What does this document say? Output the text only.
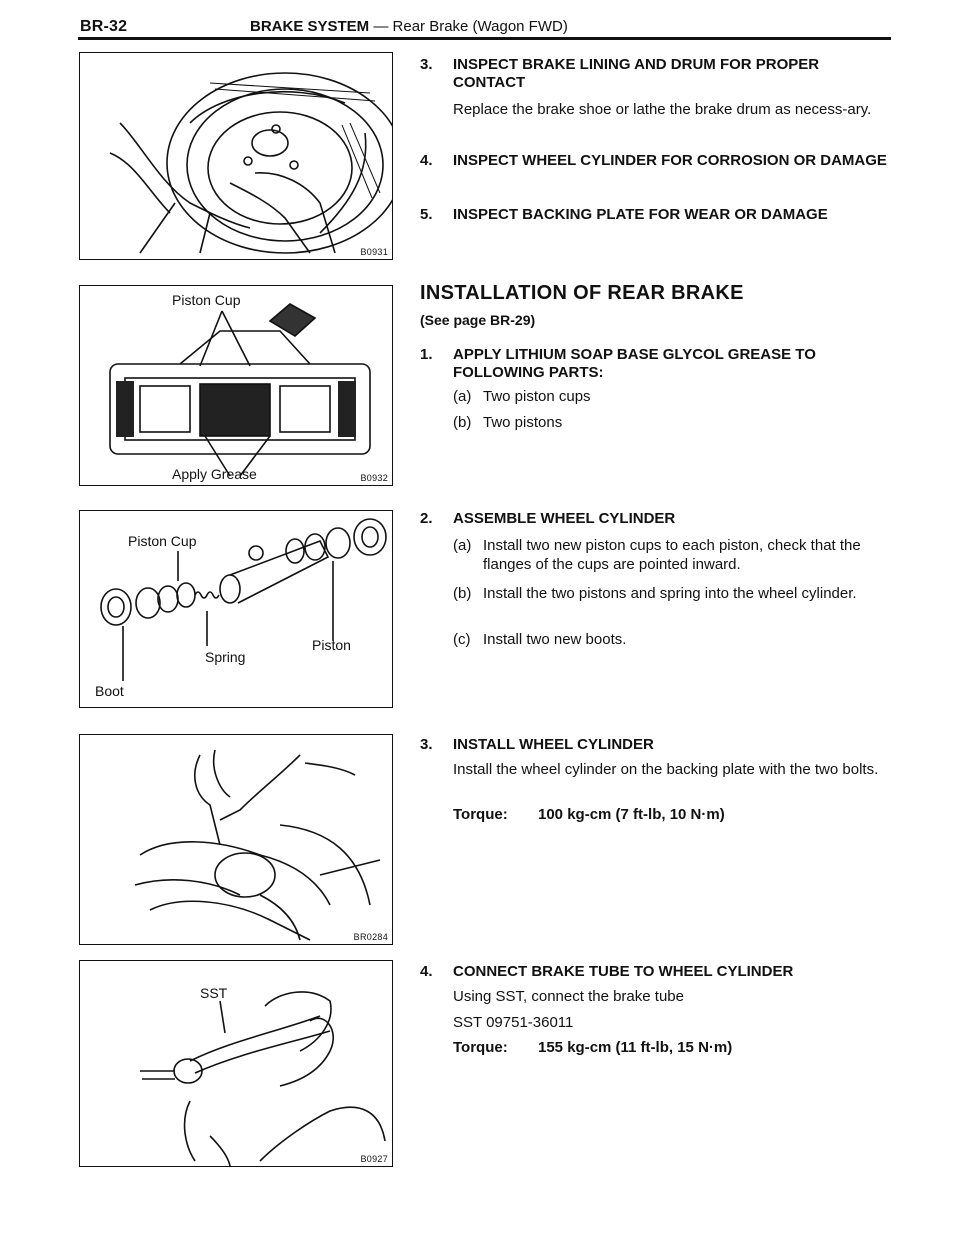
BR-32	BRAKE SYSTEM — Rear Brake (Wagon FWD)
B0931
Piston Cup
Apply Grease	B0932
Piston Cup
Spring
Piston
Boot
BR0284
SST
B0927
3. INSPECT BRAKE LINING AND DRUM FOR PROPER CONTACT
Replace the brake shoe or lathe the brake drum as necess-ary.
4. INSPECT WHEEL CYLINDER FOR CORROSION OR DAMAGE
5. INSPECT BACKING PLATE FOR WEAR OR DAMAGE
INSTALLATION OF REAR BRAKE
(See page BR-29)
1. APPLY LITHIUM SOAP BASE GLYCOL GREASE TO FOLLOWING PARTS:
(a) Two piston cups
(b) Two pistons
2. ASSEMBLE WHEEL CYLINDER
(a) Install two new piston cups to each piston, check that the flanges of the cups are pointed inward.
(b) Install the two pistons and spring into the wheel cylinder.
(c) Install two new boots.
3. INSTALL WHEEL CYLINDER
Install the wheel cylinder on the backing plate with the two bolts.
Torque: 100 kg-cm (7 ft-lb, 10 N·m)
4. CONNECT BRAKE TUBE TO WHEEL CYLINDER
Using SST, connect the brake tube
SST 09751-36011
Torque: 155 kg-cm (11 ft-lb, 15 N·m)
